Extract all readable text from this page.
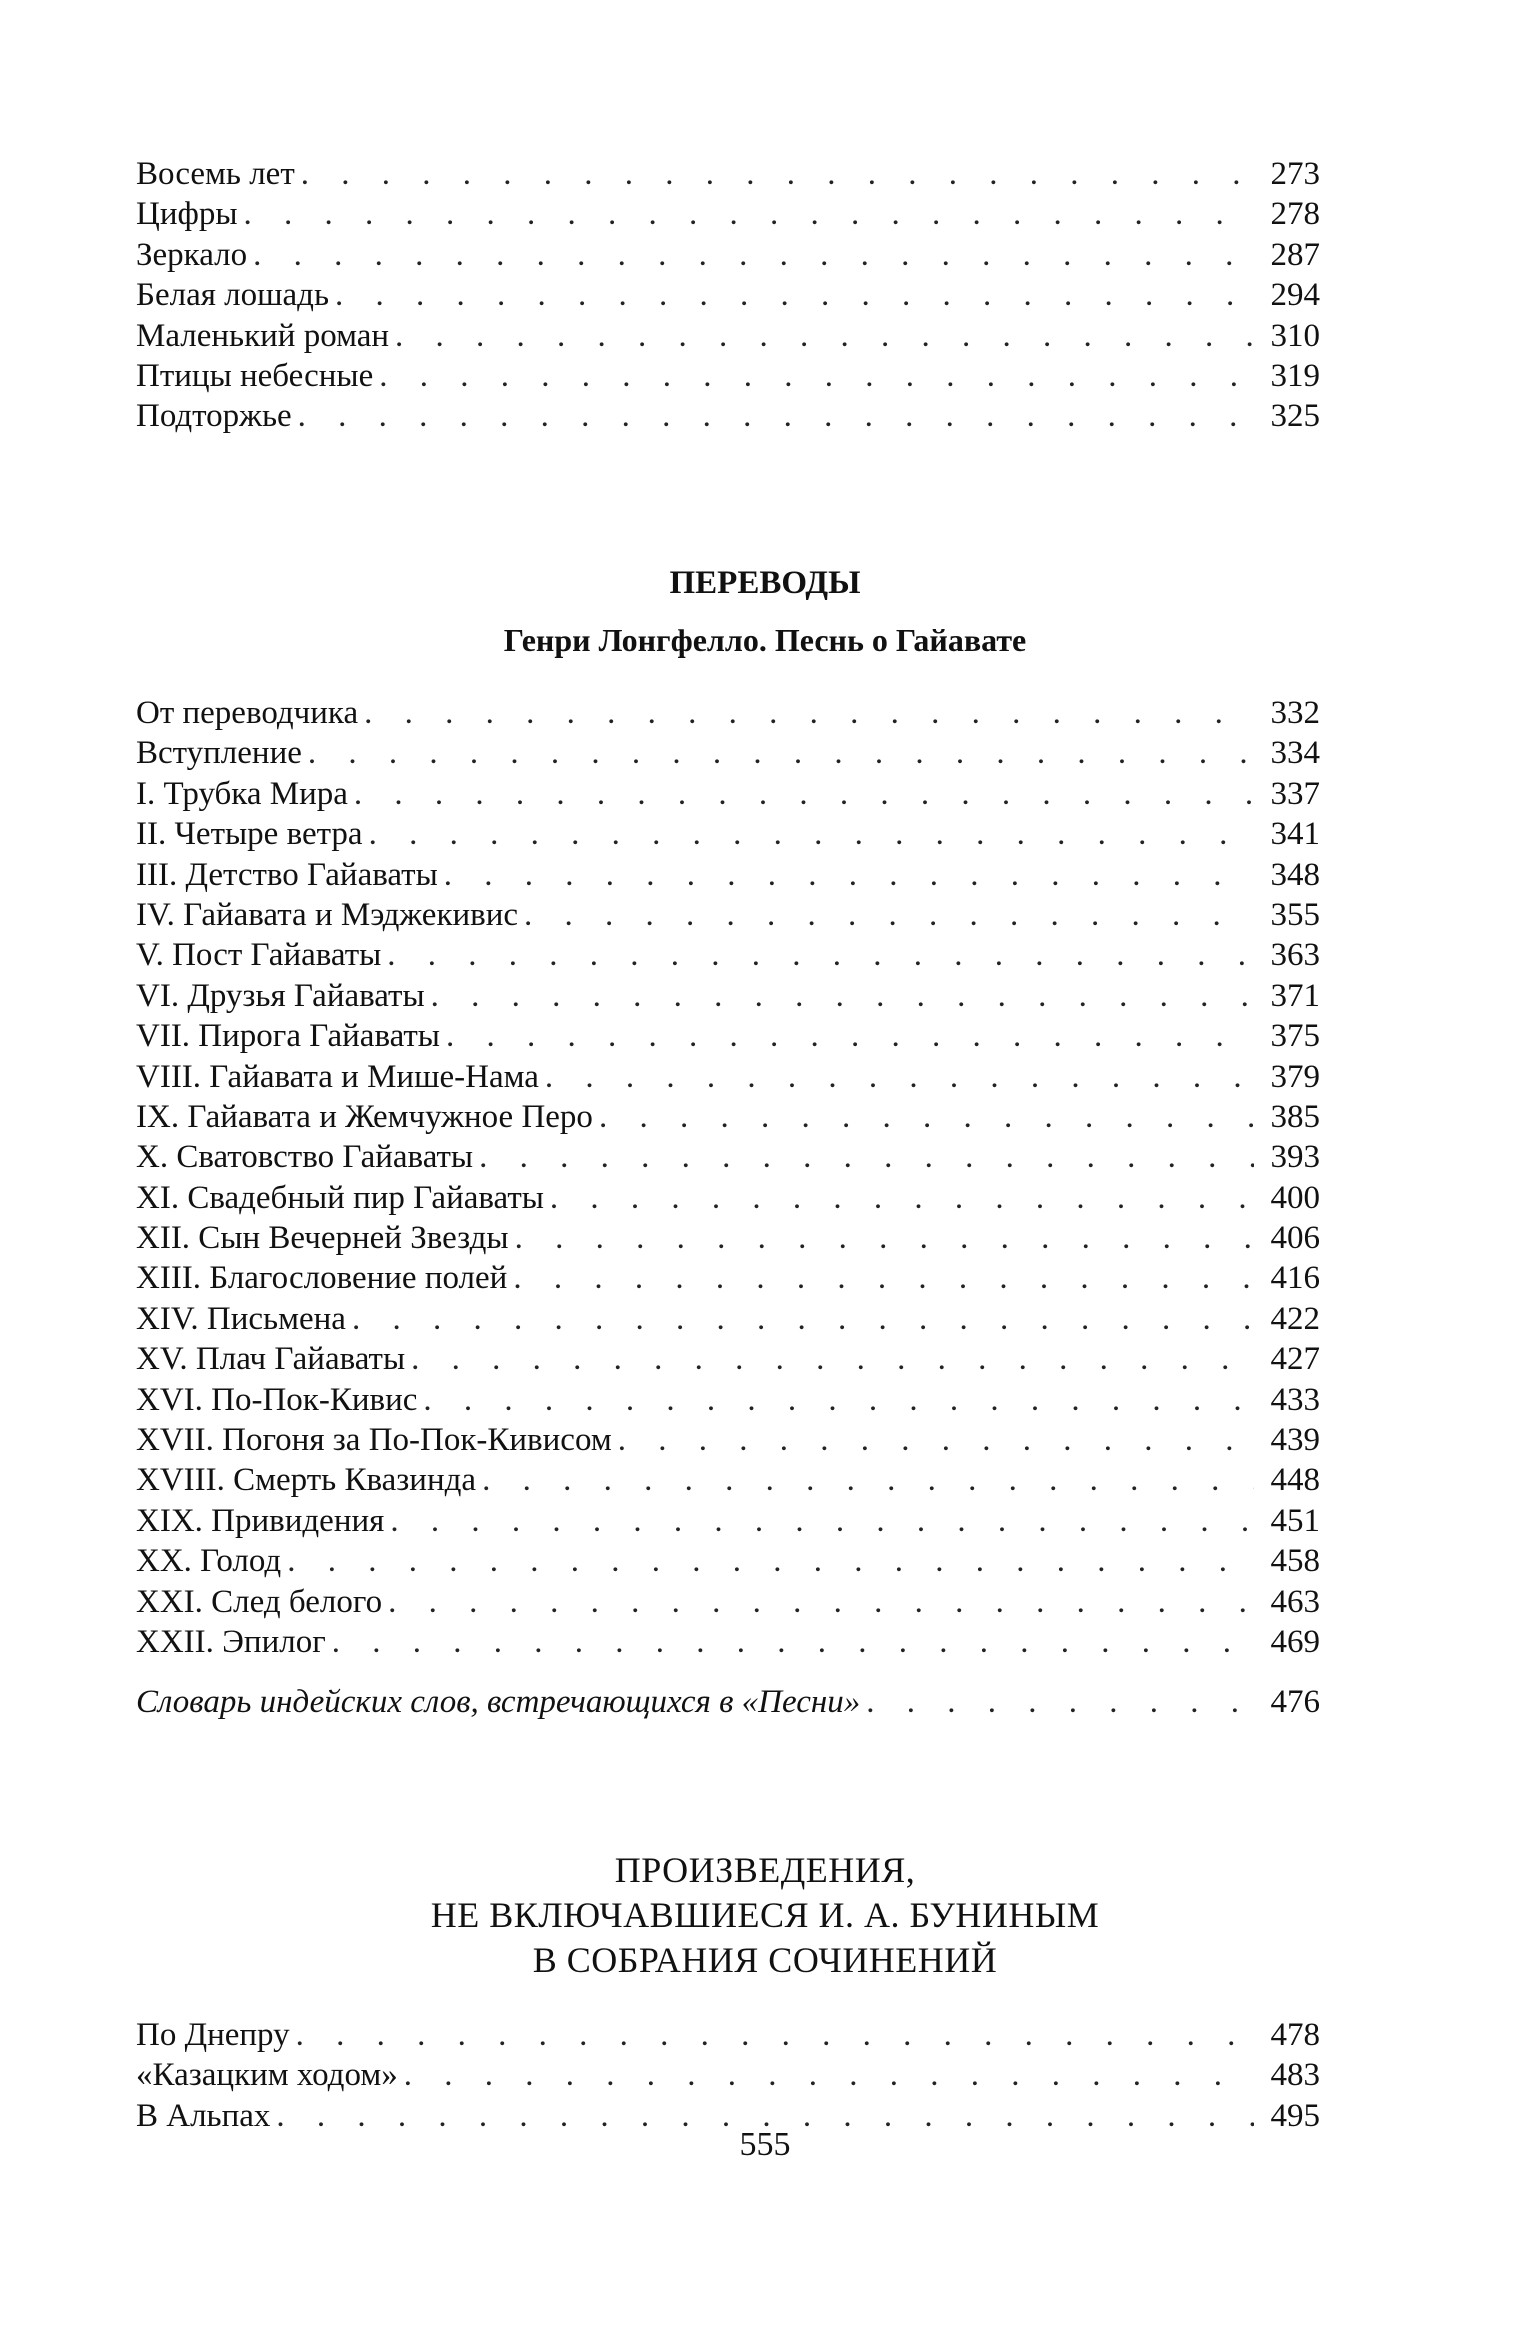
Восемь лет . . .	273
Цифры . . .	278
Зеркало . . .	287
Белая лошадь . . .	294
Маленький роман . . .	310
Птицы небесные . . .	319
Подторжье . . .	325
ПЕРЕВОДЫ
Генри Лонгфелло. Песнь о Гайавате
От переводчика . . .	332
Вступление . . .	334
I. Трубка Мира . . .	337
II. Четыре ветра . . .	341
III. Детство Гайаваты . . .	348
IV. Гайавата и Мэджекивис . . .	355
V. Пост Гайаваты . . .	363
VI. Друзья Гайаваты . . .	371
VII. Пирога Гайаваты . . .	375
VIII. Гайавата и Мише-Нама . . .	379
IX. Гайавата и Жемчужное Перо . . .	385
X. Сватовство Гайаваты . . .	393
XI. Свадебный пир Гайаваты . . .	400
XII. Сын Вечерней Звезды . . .	406
XIII. Благословение полей . . .	416
XIV. Письмена . . .	422
XV. Плач Гайаваты . . .	427
XVI. По-Пок-Кивис . . .	433
XVII. Погоня за По-Пок-Кивисом . . .	439
XVIII. Смерть Квазинда . . .	448
XIX. Привидения . . .	451
XX. Голод . . .	458
XXI. След белого . . .	463
XXII. Эпилог . . .	469
Словарь индейских слов, встречающихся в «Песни» . . .	476
ПРОИЗВЕДЕНИЯ,
НЕ ВКЛЮЧАВШИЕСЯ И. А. БУНИНЫМ
В СОБРАНИЯ СОЧИНЕНИЙ
По Днепру . . .	478
«Казацким ходом» . . .	483
В Альпах . . .	495
555
